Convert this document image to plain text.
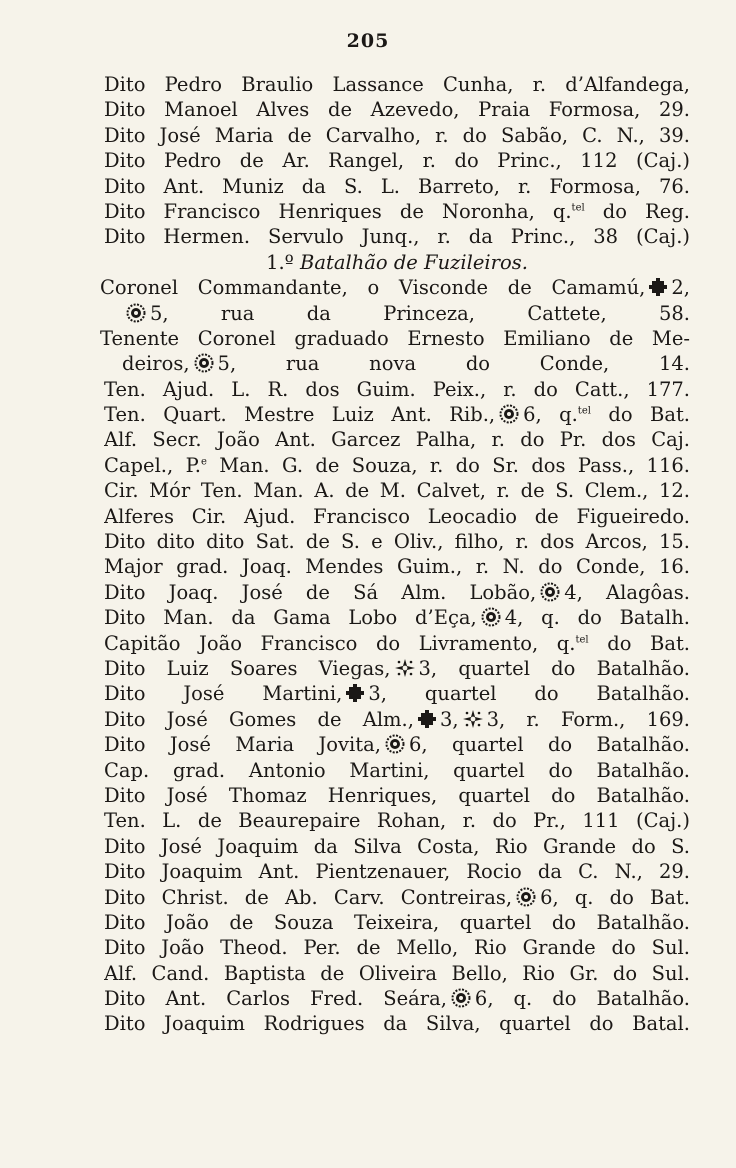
205
Dito Pedro Braulio Lassance Cunha, r. d’Alfandega,
Dito Manoel Alves de Azevedo, Praia Formosa, 29.
Dito José Maria de Carvalho, r. do Sabão, C. N., 39.
Dito Pedro de Ar. Rangel, r. do Princ., 112 (Caj.)
Dito Ant. Muniz da S. L. Barreto, r. Formosa, 76.
Dito Francisco Henriques de Noronha, q.$^{tel}$ do Reg.
Dito Hermen. Servulo Junq., r. da Princ., 38 (Caj.)
1.º Batalhão de Fuzileiros.
Coronel Commandante, o Visconde de Camamú, 2,
5, rua da Princeza, Cattete, 58.
Tenente Coronel graduado Ernesto Emiliano de Me-
deiros, 5, rua nova do Conde, 14.
Ten. Ajud. L. R. dos Guim. Peix., r. do Catt., 177.
Ten. Quart. Mestre Luiz Ant. Rib., 6, q.$^{tel}$ do Bat.
Alf. Secr. João Ant. Garcez Palha, r. do Pr. dos Caj.
Capel., P.$^e$ Man. G. de Souza, r. do Sr. dos Pass., 116.
Cir. Mór Ten. Man. A. de M. Calvet, r. de S. Clem., 12.
Alferes Cir. Ajud. Francisco Leocadio de Figueiredo.
Dito dito dito Sat. de S. e Oliv., filho, r. dos Arcos, 15.
Major grad. Joaq. Mendes Guim., r. N. do Conde, 16.
Dito Joaq. José de Sá Alm. Lobão, 4, Alagôas.
Dito Man. da Gama Lobo d’Eça, 4, q. do Batalh.
Capitão João Francisco do Livramento, q.$^{tel}$ do Bat.
Dito Luiz Soares Viegas, 3, quartel do Batalhão.
Dito José Martini, 3, quartel do Batalhão.
Dito José Gomes de Alm., 3, 3, r. Form., 169.
Dito José Maria Jovita, 6, quartel do Batalhão.
Cap. grad. Antonio Martini, quartel do Batalhão.
Dito José Thomaz Henriques, quartel do Batalhão.
Ten. L. de Beaurepaire Rohan, r. do Pr., 111 (Caj.)
Dito José Joaquim da Silva Costa, Rio Grande do S.
Dito Joaquim Ant. Pientzenauer, Rocio da C. N., 29.
Dito Christ. de Ab. Carv. Contreiras, 6, q. do Bat.
Dito João de Souza Teixeira, quartel do Batalhão.
Dito João Theod. Per. de Mello, Rio Grande do Sul.
Alf. Cand. Baptista de Oliveira Bello, Rio Gr. do Sul.
Dito Ant. Carlos Fred. Seára, 6, q. do Batalhão.
Dito Joaquim Rodrigues da Silva, quartel do Batal.
